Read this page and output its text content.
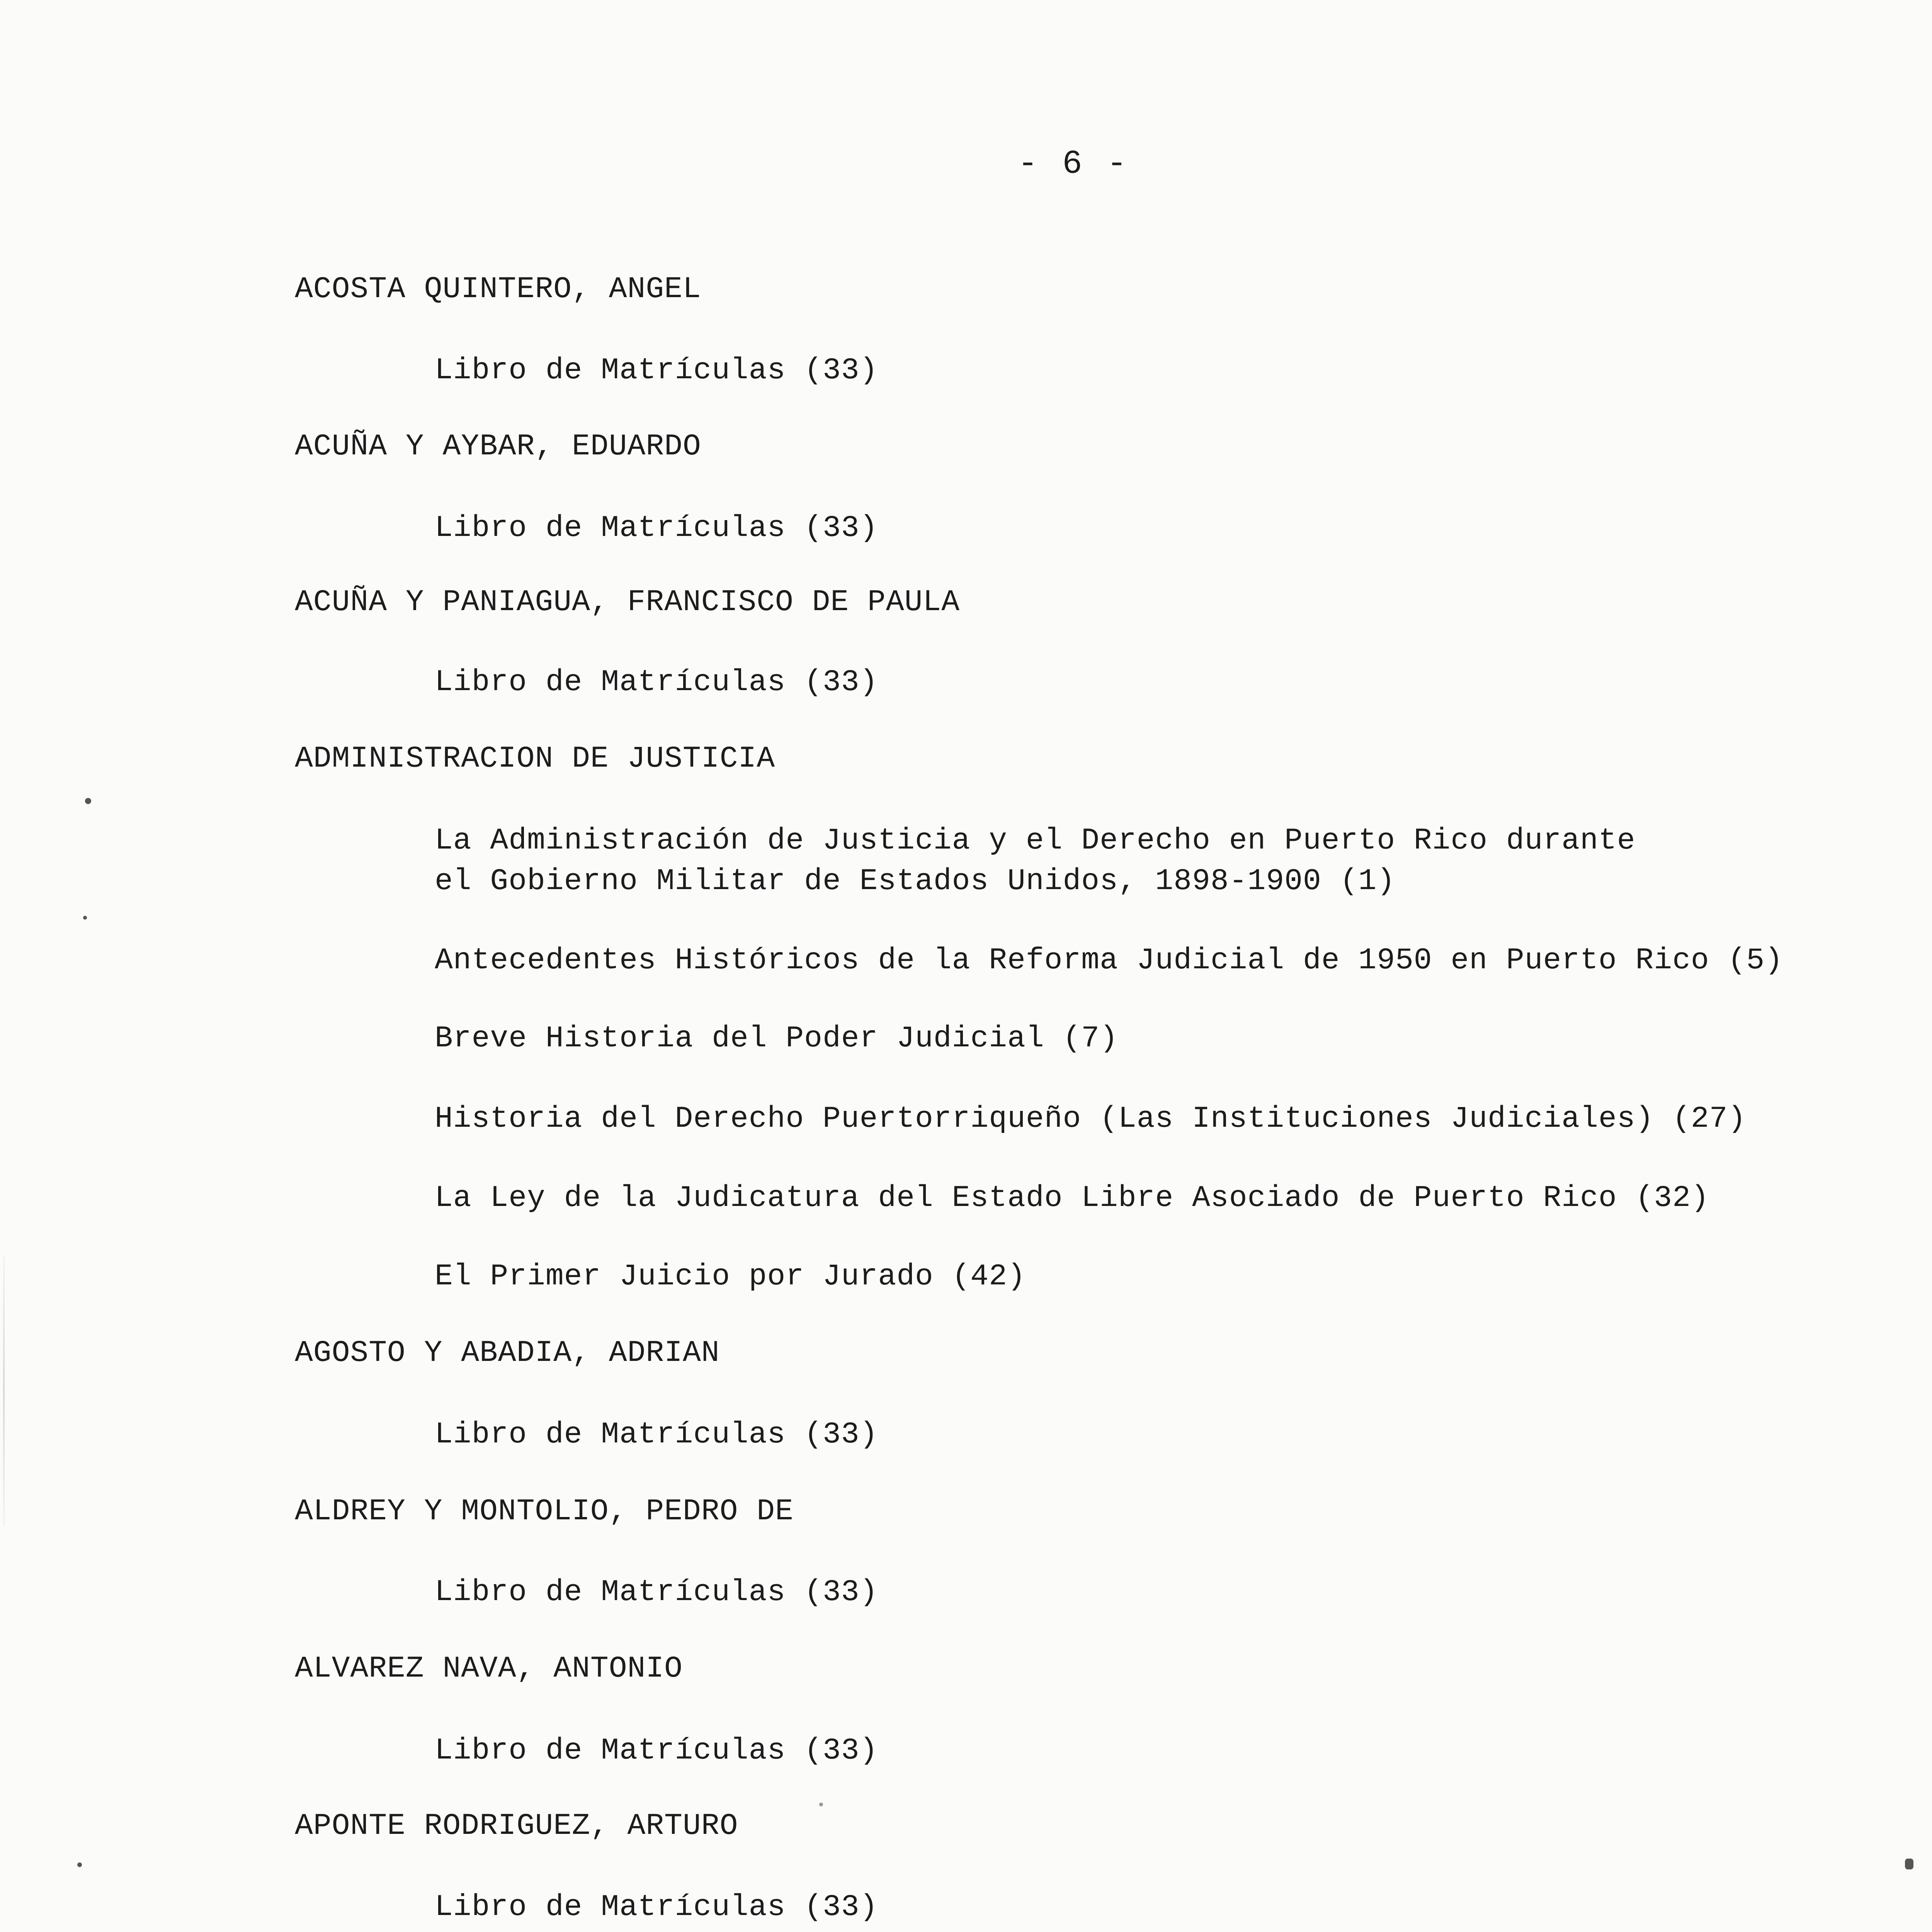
- 6 -
ACOSTA QUINTERO, ANGEL
Libro de Matrículas (33)
ACUÑA Y AYBAR, EDUARDO
Libro de Matrículas (33)
ACUÑA Y PANIAGUA, FRANCISCO DE PAULA
Libro de Matrículas (33)
ADMINISTRACION DE JUSTICIA
La Administración de Justicia y el Derecho en Puerto Rico durante
el Gobierno Militar de Estados Unidos, 1898-1900 (1)
Antecedentes Históricos de la Reforma Judicial de 1950 en Puerto Rico (5)
Breve Historia del Poder Judicial (7)
Historia del Derecho Puertorriqueño (Las Instituciones Judiciales) (27)
La Ley de la Judicatura del Estado Libre Asociado de Puerto Rico (32)
El Primer Juicio por Jurado (42)
AGOSTO Y ABADIA, ADRIAN
Libro de Matrículas (33)
ALDREY Y MONTOLIO, PEDRO DE
Libro de Matrículas (33)
ALVAREZ NAVA, ANTONIO
Libro de Matrículas (33)
APONTE RODRIGUEZ, ARTURO
Libro de Matrículas (33)
